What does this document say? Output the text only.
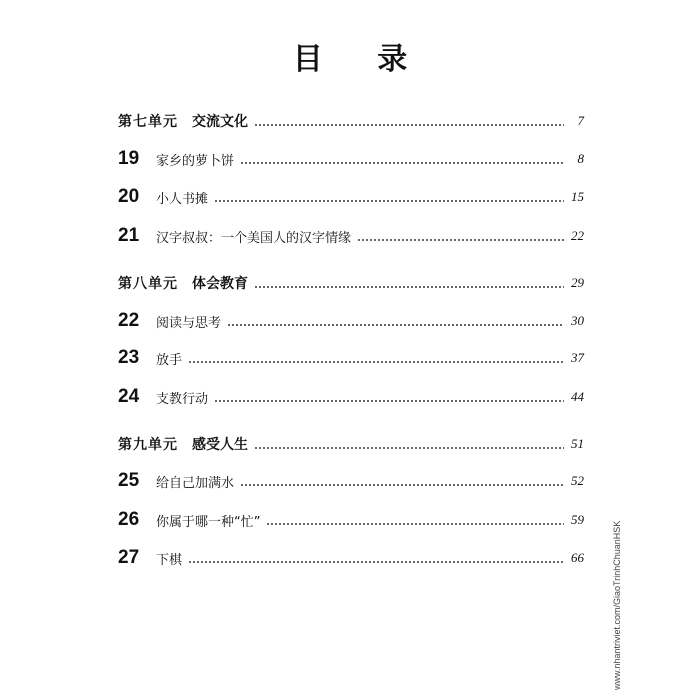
目 录
第七单元 交流文化	7
19	家乡的萝卜饼	8
20	小人书摊	15
21	汉字叔叔：一个美国人的汉字情缘	22
第八单元 体会教育	29
22	阅读与思考	30
23	放手	37
24	支教行动	44
第九单元 感受人生	51
25	给自己加满水	52
26	你属于哪一种“忙”	59
27	下棋	66	www.nhantriviet.com/GiaoTrinhChuanHSK
